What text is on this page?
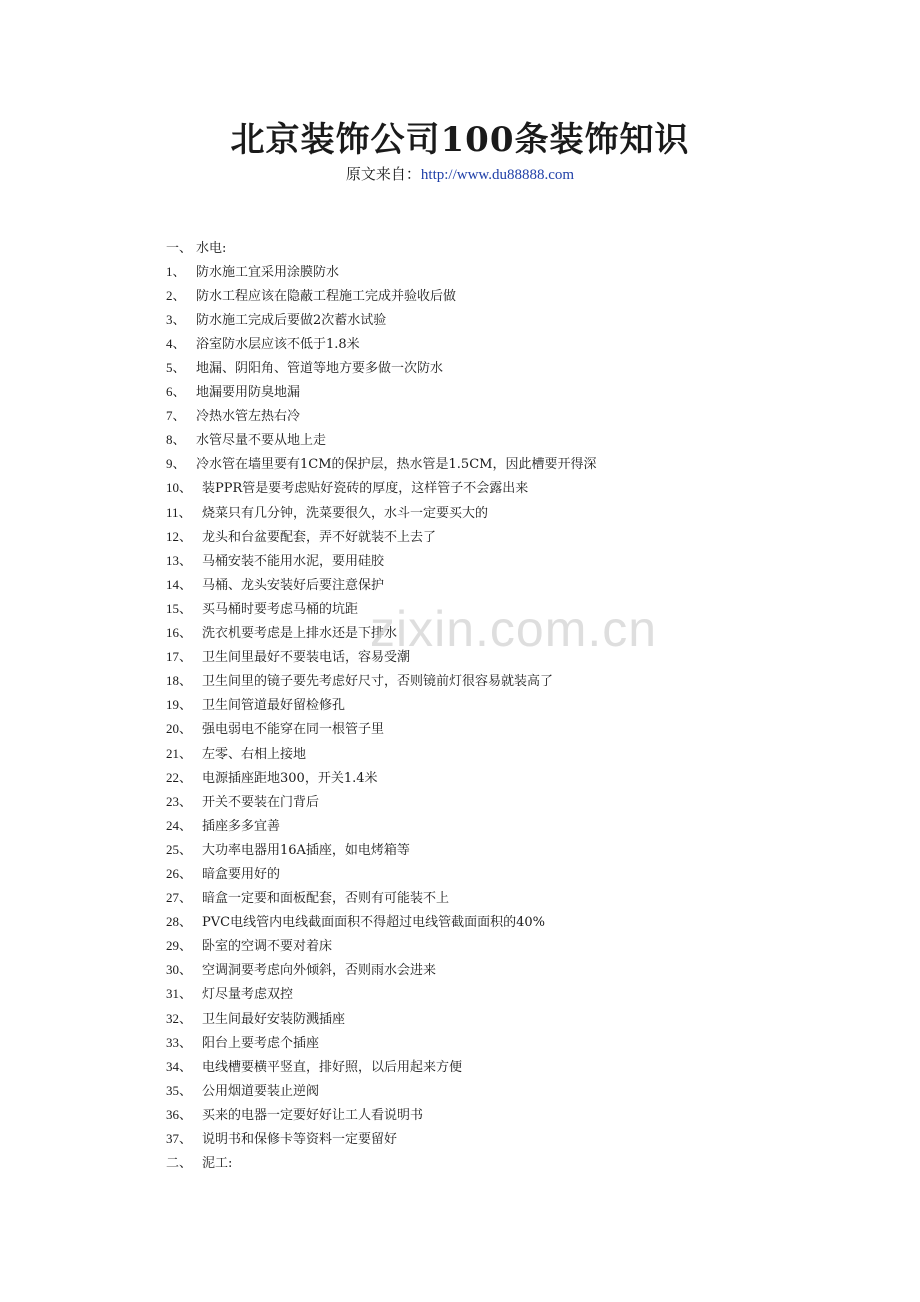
北京装饰公司100条装饰知识
原文来自：http://www.du88888.com
一、 水电:
1、 防水施工宜采用涂膜防水
2、 防水工程应该在隐蔽工程施工完成并验收后做
3、 防水施工完成后要做2次蓄水试验
4、 浴室防水层应该不低于1.8米
5、 地漏、阴阳角、管道等地方要多做一次防水
6、 地漏要用防臭地漏
7、 冷热水管左热右冷
8、 水管尽量不要从地上走
9、 冷水管在墙里要有1CM的保护层，热水管是1.5CM，因此槽要开得深
10、 装PPR管是要考虑贴好瓷砖的厚度，这样管子不会露出来
11、 烧菜只有几分钟，洗菜要很久，水斗一定要买大的
12、 龙头和台盆要配套，弄不好就装不上去了
13、 马桶安装不能用水泥，要用硅胶
14、 马桶、龙头安装好后要注意保护
15、 买马桶时要考虑马桶的坑距
16、 洗衣机要考虑是上排水还是下排水
17、 卫生间里最好不要装电话，容易受潮
18、 卫生间里的镜子要先考虑好尺寸，否则镜前灯很容易就装高了
19、 卫生间管道最好留检修孔
20、 强电弱电不能穿在同一根管子里
21、 左零、右相上接地
22、 电源插座距地300，开关1.4米
23、 开关不要装在门背后
24、 插座多多宜善
25、 大功率电器用16A插座，如电烤箱等
26、 暗盒要用好的
27、 暗盒一定要和面板配套，否则有可能装不上
28、 PVC电线管内电线截面面积不得超过电线管截面面积的40%
29、 卧室的空调不要对着床
30、 空调洞要考虑向外倾斜，否则雨水会进来
31、 灯尽量考虑双控
32、 卫生间最好安装防溅插座
33、 阳台上要考虑个插座
34、 电线槽要横平竖直，排好照，以后用起来方便
35、 公用烟道要装止逆阀
36、 买来的电器一定要好好让工人看说明书
37、 说明书和保修卡等资料一定要留好
二、 泥工:
zixin.com.cn
